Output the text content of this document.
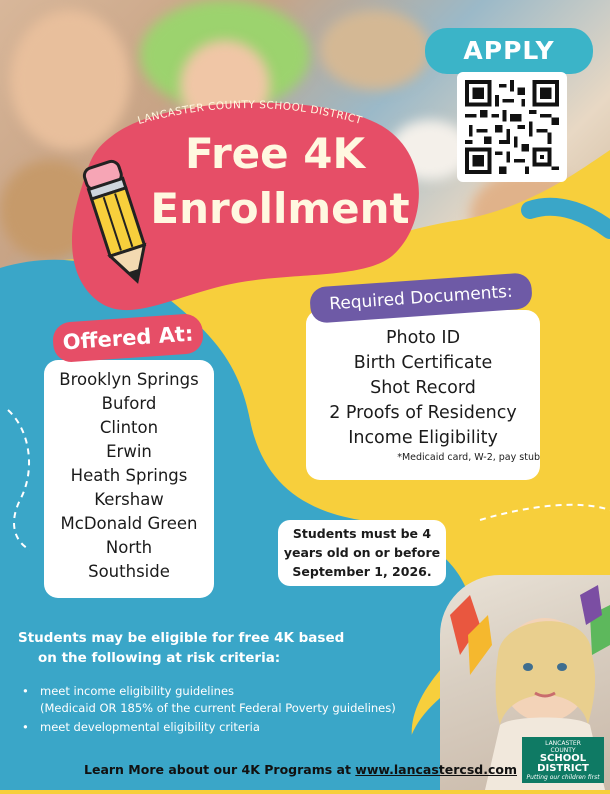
LANCASTER COUNTY SCHOOL DISTRICT
Free 4K
Enrollment
APPLY
Offered At:
Brooklyn Springs
Buford
Clinton
Erwin
Heath Springs
Kershaw
McDonald Green
North
Southside
Required Documents:
Photo ID
Birth Certificate
Shot Record
2 Proofs of Residency
Income Eligibility
*Medicaid card, W-2, pay stub
Students must be 4
years old on or before
September 1, 2026.
Students may be eligible for free 4K based
on the following at risk criteria:
• meet income eligibility guidelines
(Medicaid OR 185% of the current Federal Poverty guidelines)
• meet developmental eligibility criteria
Learn More about our 4K Programs at www.lancastercsd.com
LANCASTER
COUNTY
SCHOOL
DISTRICT
Putting our children first
